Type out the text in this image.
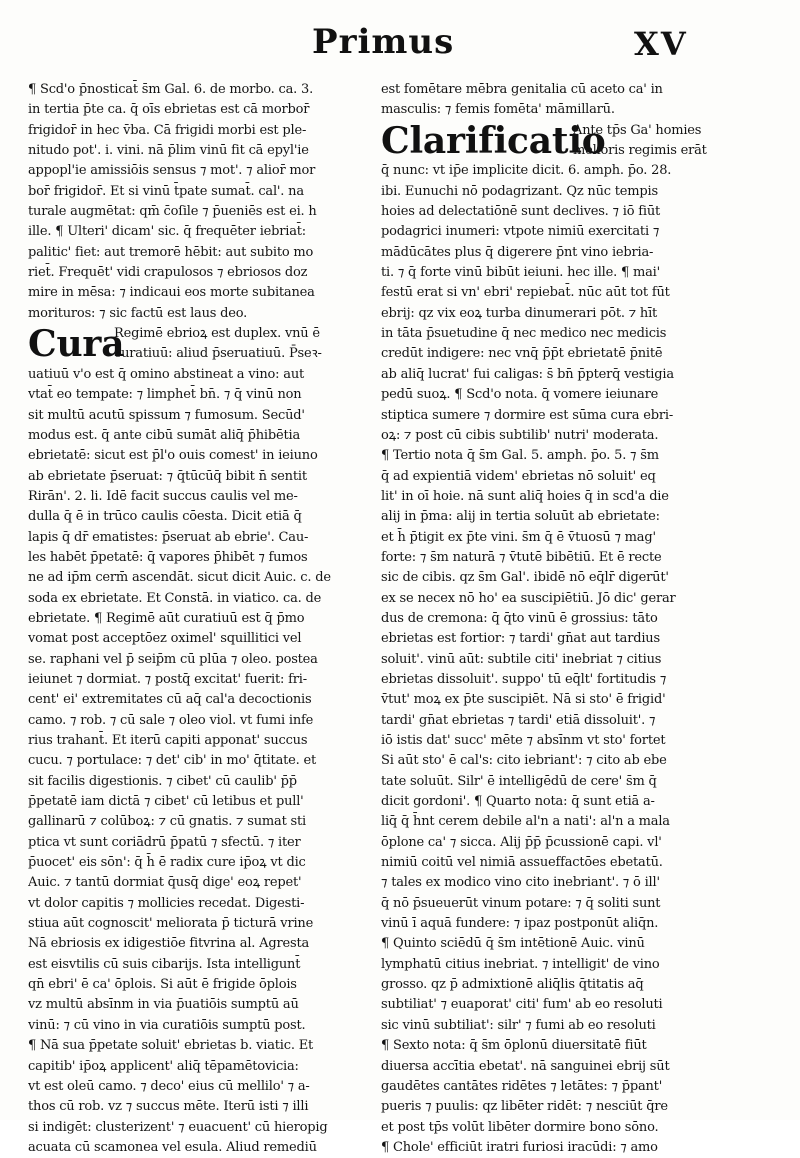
Primus	XV
¶ Scd'o p̄nosticat̄ s̄m Gal. 6. de morbo. ca. 3.
in tertia p̄te ca. q̄ oīs ebrietas est cā morbor̄
frigidor̄ in hec v̄ba. Cā frigidi morbi est ple-
nitudo pot'. i. vini. nā p̄lim vinū fit cā epyl'ie
appopl'ie amissiōis sensus ⁊ mot'. ⁊ alior̄ mor
bor̄ frigidor̄. Et si vinū t̄pate sumat̄. cal'. na
turale augmētat: qm̄ c̄oſile ⁊ p̄ueniēs est ei. h
ille. ¶ Ulteri' dicam' sic. q̄ frequēter iebriat̄:
palitic' fiet: aut tremorē hēbit: aut subito mo
riet̄. Frequēt' vidi crapulosos ⁊ ebriosos doz
mire in mēsa: ⁊ indicaui eos morte subitanea
morituros: ⁊ sic factū est laus deo.
Cura
Regimē ebrioꝝ est duplex. vnū ē
curatiuū: aliud p̄seruatiuū. P̄seꝛ-
uatiuū v'o est q̄ omino abstineat a vino: aut
vtat̄ eo tempate: ⁊ limphet̄ bn̄. ⁊ q̄ vinū non
sit multū acutū spissum ⁊ fumosum. Secūd'
modus est. q̄ ante cibū sumāt aliq̄ p̄hibētia
ebrietatē: sicut est p̄l'o ouis comest' in ieiuno
ab ebrietate p̄seruat: ⁊ q̄tūcūq̄ bibit n̄ sentit
Rirān'. 2. li. Idē facit succus caulis vel me-
dulla q̄ ē in trūco caulis cōesta. Dicit etiā q̄
lapis q̄ dr̄ ematistes: p̄seruat ab ebrie'. Cau-
les habēt p̄petatē: q̄ vapores p̄hibēt ⁊ fumos
ne ad ip̄m cerm̄ ascendāt. sicut dicit Auic. c. de
soda ex ebrietate. Et Constā. in viatico. ca. de
ebrietate. ¶ Regimē aūt curatiuū est q̄ p̄mo
vomat post acceptōez oximel' squillitici vel
se. raphani vel p̄ seip̄m cū plūa ⁊ oleo. postea
ieiunet ⁊ dormiat. ⁊ postq̄ excitat' fuerit: fri-
cent' ei' extremitates cū aq̄ cal'a decoctionis
camo. ⁊ rob. ⁊ cū sale ⁊ oleo viol. vt fumi infe
rius trahant̄. Et iterū capiti apponat' succus
cucu. ⁊ portulace: ⁊ det' cib' in mo' q̄titate. et
sit facilis digestionis. ⁊ cibet' cū caulib' p̄p̄
p̄petatē iam dictā ⁊ cibet' cū letibus et pull'
gallinarū ⁊ colūboꝝ: ⁊ cū gnatis. ⁊ sumat sti
ptica vt sunt coriādrū p̄patū ⁊ sfectū. ⁊ iter
p̄uocet' eis sōn': q̄ h̄ ē radix cure ip̄oꝝ vt dic
Auic. ⁊ tantū dormiat q̄usq̄ dige' eoꝝ repet'
vt dolor capitis ⁊ mollicies recedat. Digesti-
stiua aūt cognoscit' meliorata p̄ ticturā vrine
Nā ebriosis ex idigestiōe fitvrina al. Agresta
est eisvtilis cū suis cibarijs. Ista intelligunt̄
qn̄ ebri' ē ca' ōplois. Si aūt ē frigide ōplois
vz multū absīnm in via p̄uatiōis sumptū aū
vinū: ⁊ cū vino in via curatiōis sumptū post.
¶ Nā sua p̄petate soluit' ebrietas b. viatic. Et
capitib' ip̄oꝝ applicent' aliq̄ tēpamētovicia:
vt est oleū camo. ⁊ deco' eius cū mellilo' ⁊ a-
thos cū rob. vz ⁊ succus mēte. Iterū isti ⁊ illi
si indigēt: clusterizent' ⁊ euacuent' cū hieropig
acuata cū scamonea vel esula. Aliud remediū
est fomētare mēbra genitalia cū aceto ca' in
masculis: ⁊ femis fomēta' māmillarū.
Clarificatio
Ante tp̄s Ga' homies
melioris regimis erāt
q̄ nunc: vt ip̄e implicite dicit. 6. amph. p̄o. 28.
ibi. Eunuchi nō podagrizant. Qz nūc tempis
hoies ad delectatiōnē sunt declives. ⁊ iō fiūt
podagrici inumeri: vtpote nimiū exercitati ⁊
mādūcātes plus q̄ digerere p̄nt vino iebria-
ti. ⁊ q̄ forte vinū bibūt ieiuni. hec ille. ¶ mai'
festū erat si vn' ebri' repiebat̄. nūc aūt tot fūt
ebrij: qz vix eoꝝ turba dinumerari pōt. ⁊ hīt
in tāta p̄suetudine q̄ nec medico nec medicis
credūt indigere: nec vnq̄ p̄p̄t ebrietatē p̄nitē
ab aliq̄ lucrat' fui caligas: s̄ bn̄ p̄pterq̄ vestigia
pedū suoꝝ. ¶ Scd'o nota. q̄ vomere ieiunare
stiptica sumere ⁊ dormire est sūma cura ebri-
oꝝ: ⁊ post cū cibis subtilib' nutri' moderata.
¶ Tertio nota q̄ s̄m Gal. 5. amph. p̄o. 5. ⁊ s̄m
q̄ ad expientiā videm' ebrietas nō soluit' eq
lit' in oī hoie. nā sunt aliq̄ hoies q̄ in scd'a die
alij in p̄ma: alij in tertia soluūt ab ebrietate:
et h̄ p̄tigit ex p̄te vini. s̄m q̄ ē v̄tuosū ⁊ mag'
forte: ⁊ s̄m naturā ⁊ v̄tutē bibētiū. Et ē recte
sic de cibis. qz s̄m Gal'. ibidē nō eq̄lr̄ digerūt'
ex se necex nō ho' ea suscipiētiū. Jō dic' gerar
dus de cremona: q̄ q̄to vinū ē grossius: tāto
ebrietas est fortior: ⁊ tardi' gn̄at aut tardius
soluit'. vinū aūt: subtile citi' inebriat ⁊ citius
ebrietas dissoluit'. suppo' tū eq̄lt' fortitudis ⁊
v̄tut' moꝝ ex p̄te suscipiēt. Nā si sto' ē frigid'
tardi' gn̄at ebrietas ⁊ tardi' etiā dissoluit'. ⁊
iō istis dat' succ' mēte ⁊ absīnm vt sto' fortet
Si aūt sto' ē cal's: cito iebriant': ⁊ cito ab ebe
tate soluūt. Silr' ē intelligēdū de cere' s̄m q̄
dicit gordoni'. ¶ Quarto nota: q̄ sunt etiā a-
liq̄ q̄ h̄nt cerem debile al'n a nati': al'n a mala
ōplone ca' ⁊ sicca. Alij p̄p̄ p̄cussionē capi. vl'
nimiū coitū vel nimiā assueffactōes ebetatū.
⁊ tales ex modico vino cito inebriant'. ⁊ ō ill'
q̄ nō p̄sueuerūt vinum potare: ⁊ q̄ soliti sunt
vinū ī aquā fundere: ⁊ ipaz postponūt aliq̄n.
¶ Quinto sciēdū q̄ s̄m intētionē Auic. vinū
lymphatū citius inebriat. ⁊ intelligit' de vino
grosso. qz p̄ admixtionē aliq̄lis q̄titatis aq̄
subtiliat' ⁊ euaporat' citi' fum' ab eo resoluti
sic vinū subtiliat': silr' ⁊ fumi ab eo resoluti
¶ Sexto nota: q̄ s̄m ōplonū diuersitatē fiūt
diuersa accītia ebetat'. nā sanguinei ebrij sūt
gaudētes cantātes ridētes ⁊ letātes: ⁊ p̄pant'
pueris ⁊ puulis: qz libēter ridēt: ⁊ nesciūt q̄re
et post tp̄s volūt libēter dormire bono sōno.
¶ Chole' efficiūt iratri furiosi iracūdi: ⁊ amo
